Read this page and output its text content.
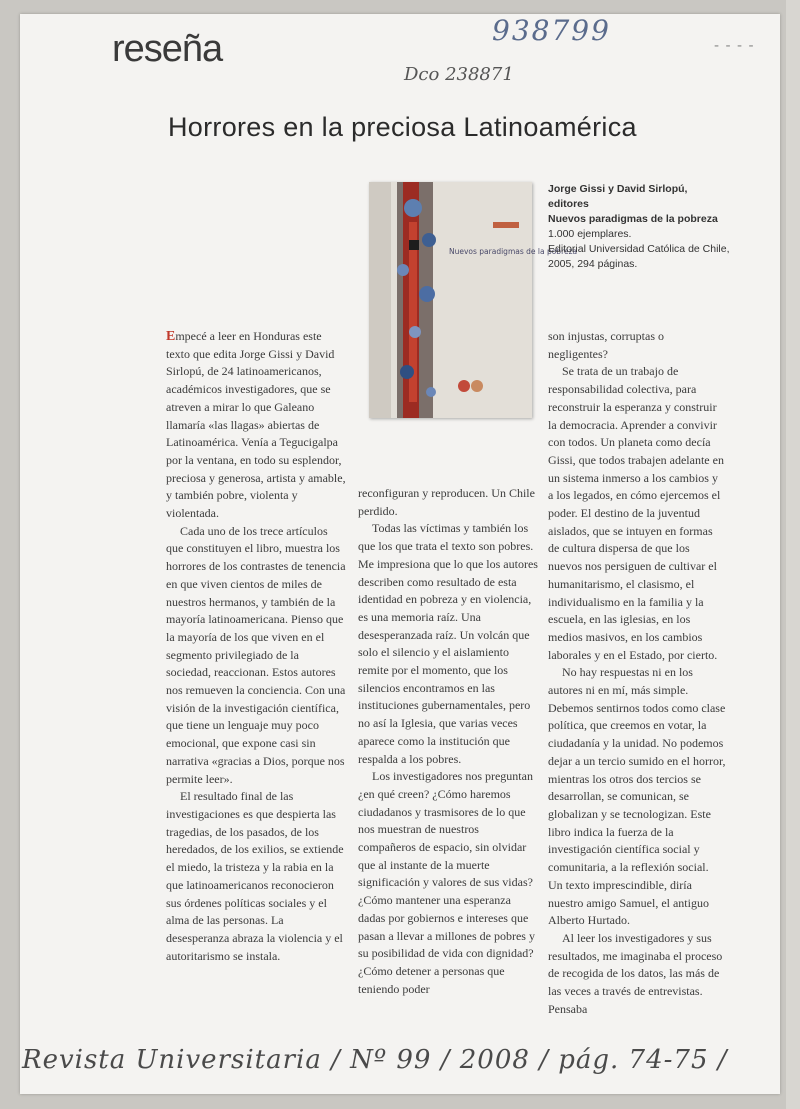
reseña	938799
Dco 238871
- - - -
Horrores en la preciosa Latinoamérica
Nuevos paradigmas de la pobreza
Jorge Gissi y David Sirlopú,
editores
Nuevos paradigmas de la pobreza
1.000 ejemplares.
Editorial Universidad Católica de Chile,
2005, 294 páginas.

Empecé a leer en Honduras este texto que edita Jorge Gissi y David Sirlopú, de 24 latinoamericanos, académicos investigadores, que se atreven a mirar lo que Galeano llamaría «las llagas» abiertas de Latinoamérica. Venía a Tegucigalpa por la ventana, en todo su esplendor, preciosa y generosa, artista y amable, y también pobre, violenta y violentada.

Cada uno de los trece artículos que constituyen el libro, muestra los horrores de los contrastes de tenencia en que viven cientos de miles de nuestros hermanos, y también de la mayoría latinoamericana. Pienso que la mayoría de los que viven en el segmento privilegiado de la sociedad, reaccionan. Estos autores nos remueven la conciencia. Con una visión de la investigación científica, que tiene un lenguaje muy poco emocional, que expone casi sin narrativa «gracias a Dios, porque nos permite leer».

El resultado final de las investigaciones es que despierta las tragedias, de los pasados, de los heredados, de los exilios, se extiende el miedo, la tristeza y la rabia en la que latinoamericanos reconocieron sus órdenes políticas sociales y el alma de las personas. La desesperanza abraza la violencia y el autoritarismo se instala.

reconfiguran y reproducen. Un Chile perdido.

Todas las víctimas y también los que los que trata el texto son pobres. Me impresiona que lo que los autores describen como resultado de esta identidad en pobreza y en violencia, es una memoria raíz. Una desesperanzada raíz. Un volcán que solo el silencio y el aislamiento remite por el momento, que los silencios encontramos en las instituciones gubernamentales, pero no así la Iglesia, que varias veces aparece como la institución que respalda a los pobres.

Los investigadores nos preguntan ¿en qué creen? ¿Cómo haremos ciudadanos y trasmisores de lo que nos muestran de nuestros compañeros de espacio, sin olvidar que al instante de la muerte significación y valores de sus vidas? ¿Cómo mantener una esperanza dadas por gobiernos e intereses que pasan a llevar a millones de pobres y su posibilidad de vida con dignidad? ¿Cómo detener a personas que teniendo poder

son injustas, corruptas o negligentes?

Se trata de un trabajo de responsabilidad colectiva, para reconstruir la esperanza y construir la democracia. Aprender a convivir con todos. Un planeta como decía Gissi, que todos trabajen adelante en un sistema inmerso a los cambios y a los legados, en cómo ejercemos el poder. El destino de la juventud aislados, que se intuyen en formas de cultura dispersa de que los nuevos nos persiguen de cultivar el humanitarismo, el clasismo, el individualismo en la familia y la escuela, en las iglesias, en los medios masivos, en los cambios laborales y en el Estado, por cierto.

No hay respuestas ni en los autores ni en mí, más simple. Debemos sentirnos todos como clase política, que creemos en votar, la ciudadanía y la unidad. No podemos dejar a un tercio sumido en el horror, mientras los otros dos tercios se desarrollan, se comunican, se globalizan y se tecnologizan. Este libro indica la fuerza de la investigación científica social y comunitaria, a la reflexión social. Un texto imprescindible, diría nuestro amigo Samuel, el antiguo Alberto Hurtado.

Al leer los investigadores y sus resultados, me imaginaba el proceso de recogida de los datos, las más de las veces a través de entrevistas. Pensaba

Revista Universitaria / Nº 99 / 2008 / pág. 74-75 /
